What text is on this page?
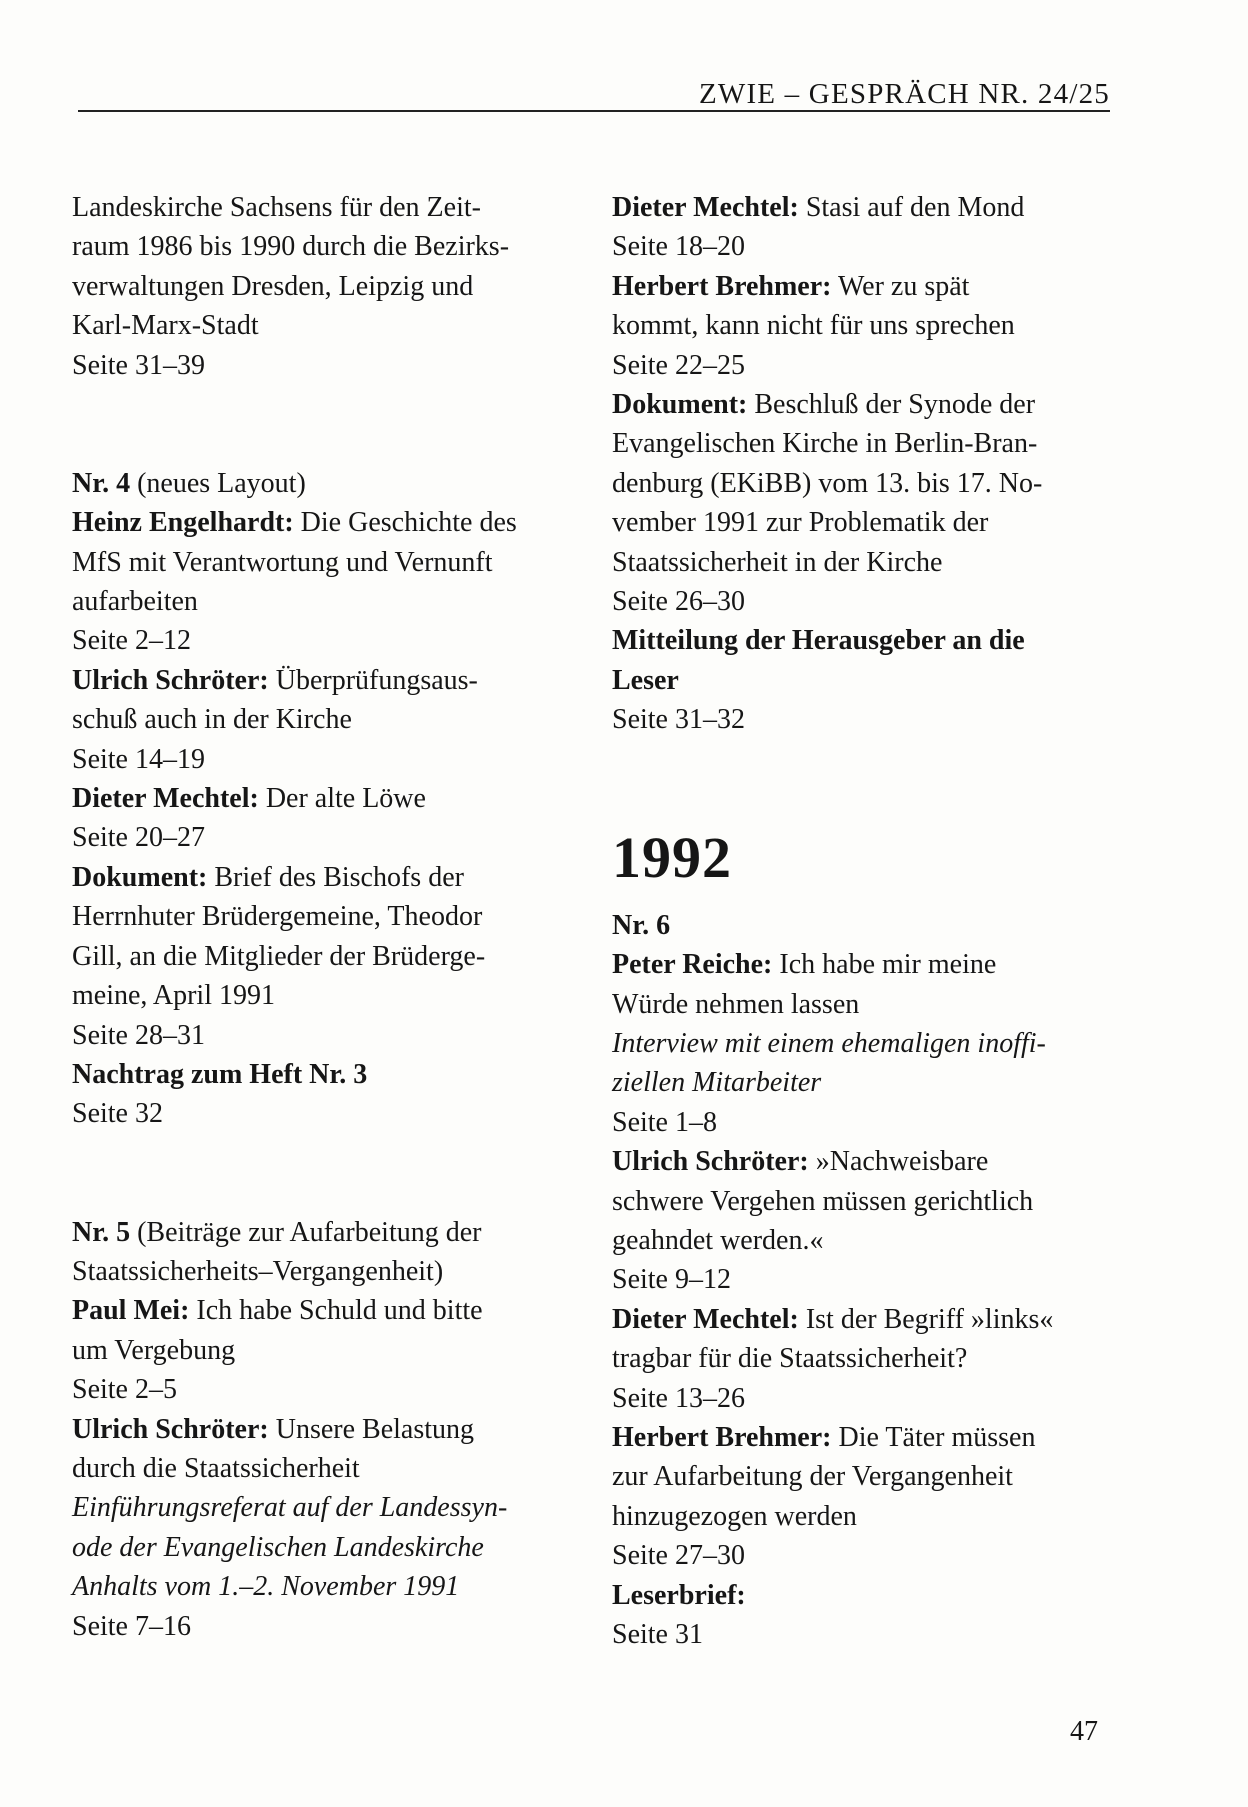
ZWIE – GESPRÄCH NR. 24/25
Landeskirche Sachsens für den Zeit-
raum 1986 bis 1990 durch die Bezirks-
verwaltungen Dresden, Leipzig und
Karl-Marx-Stadt
Seite 31–39
Nr. 4 (neues Layout)
Heinz Engelhardt: Die Geschichte des
MfS mit Verantwortung und Vernunft
aufarbeiten
Seite 2–12
Ulrich Schröter: Überprüfungsaus-
schuß auch in der Kirche
Seite 14–19
Dieter Mechtel: Der alte Löwe
Seite 20–27
Dokument: Brief des Bischofs der
Herrnhuter Brüdergemeine, Theodor
Gill, an die Mitglieder der Brüderge-
meine, April 1991
Seite 28–31
Nachtrag zum Heft Nr. 3
Seite 32
Nr. 5 (Beiträge zur Aufarbeitung der
Staatssicherheits–Vergangenheit)
Paul Mei: Ich habe Schuld und bitte
um Vergebung
Seite 2–5
Ulrich Schröter: Unsere Belastung
durch die Staatssicherheit
Einführungsreferat auf der Landessyn-
ode der Evangelischen Landeskirche
Anhalts vom 1.–2. November 1991
Seite 7–16
Dieter Mechtel: Stasi auf den Mond
Seite 18–20
Herbert Brehmer: Wer zu spät
kommt, kann nicht für uns sprechen
Seite 22–25
Dokument: Beschluß der Synode der
Evangelischen Kirche in Berlin-Bran-
denburg (EKiBB) vom 13. bis 17. No-
vember 1991 zur Problematik der
Staatssicherheit in der Kirche
Seite 26–30
Mitteilung der Herausgeber an die
Leser
Seite 31–32
1992
Nr. 6
Peter Reiche: Ich habe mir meine
Würde nehmen lassen
Interview mit einem ehemaligen inoffi-
ziellen Mitarbeiter
Seite 1–8
Ulrich Schröter: »Nachweisbare
schwere Vergehen müssen gerichtlich
geahndet werden.«
Seite 9–12
Dieter Mechtel: Ist der Begriff »links«
tragbar für die Staatssicherheit?
Seite 13–26
Herbert Brehmer: Die Täter müssen
zur Aufarbeitung der Vergangenheit
hinzugezogen werden
Seite 27–30
Leserbrief:
Seite 31
47
